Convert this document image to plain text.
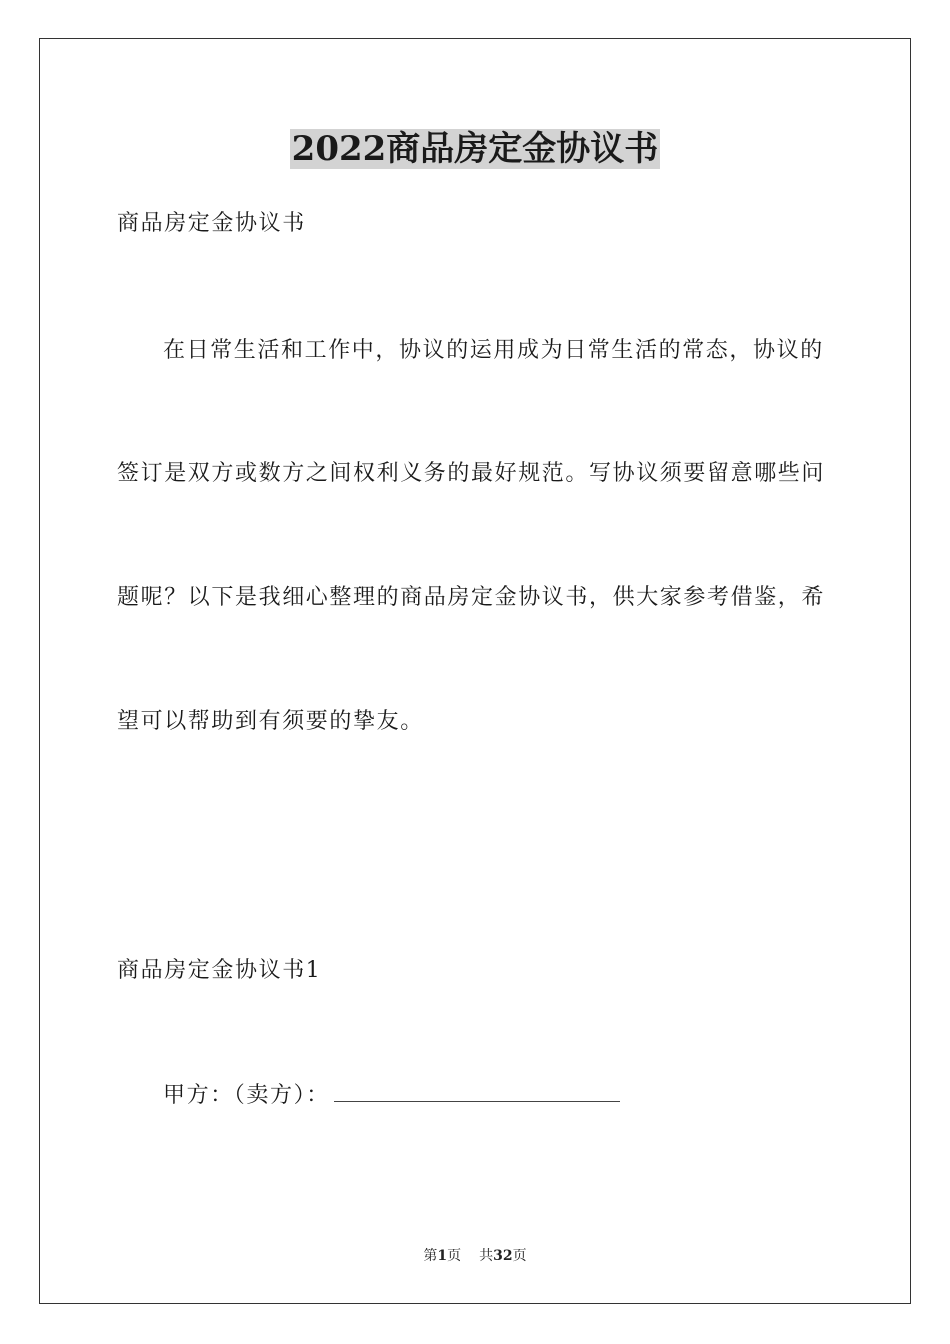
2022商品房定金协议书

商品房定金协议书

在日常生活和工作中，协议的运用成为日常生活的常态，协议的

签订是双方或数方之间权利义务的最好规范。写协议须要留意哪些问

题呢？以下是我细心整理的商品房定金协议书，供大家参考借鉴，希

望可以帮助到有须要的挚友。

商品房定金协议书1

甲方：（卖方）：

第1页 共32页
